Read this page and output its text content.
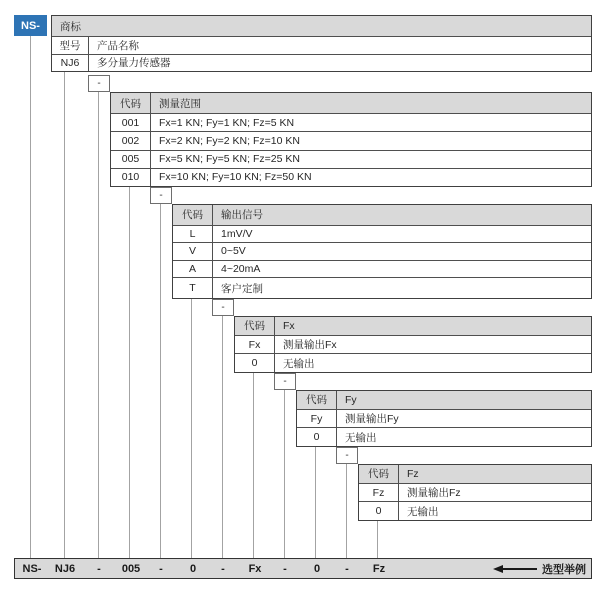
NS-	商标
型号	产品名称
NJ6	多分量力传感器
-
-
-
-
-
代码	测量范围
001	Fx=1 KN; Fy=1 KN; Fz=5 KN
002	Fx=2 KN; Fy=2 KN; Fz=10 KN
005	Fx=5 KN; Fy=5 KN; Fz=25 KN
010	Fx=10 KN; Fy=10 KN; Fz=50 KN
代码	输出信号
L	1mV/V
V	0~5V
A	4~20mA
T	客户定制
代码	Fx
Fx	测量输出Fx
0	无输出
代码	Fy
Fy	测量输出Fy
0	无输出
代码	Fz
Fz	测量输出Fz
0	无输出
NS- NJ6 - 005 - 0 - Fx - 0 - Fz	选型举例
